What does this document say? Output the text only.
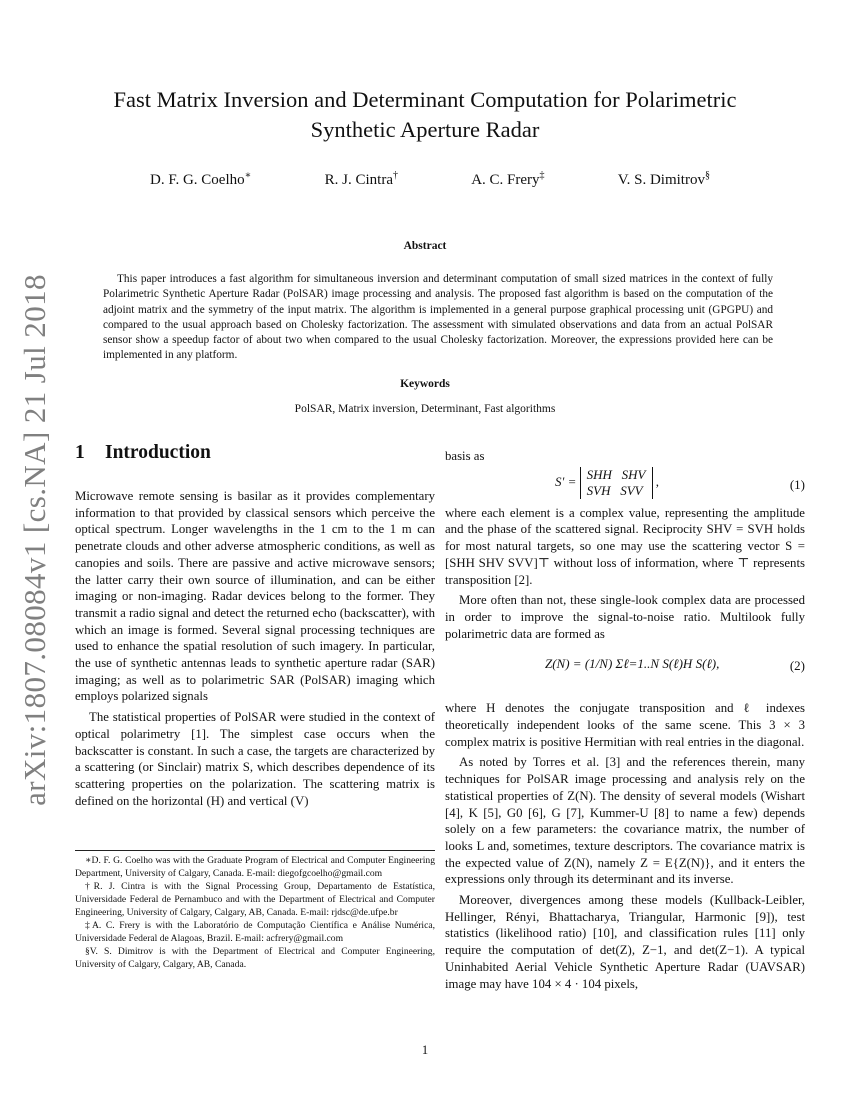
arXiv:1807.08084v1 [cs.NA] 21 Jul 2018
Fast Matrix Inversion and Determinant Computation for Polarimetric
Synthetic Aperture Radar
D. F. G. Coelho∗	R. J. Cintra†	A. C. Frery‡	V. S. Dimitrov§
Abstract

This paper introduces a fast algorithm for simultaneous inversion and determinant computation of small sized matrices in the context of fully Polarimetric Synthetic Aperture Radar (PolSAR) image processing and analysis. The proposed fast algorithm is based on the computation of the adjoint matrix and the symmetry of the input matrix. The algorithm is implemented in a general purpose graphical processing unit (GPGPU) and compared to the usual approach based on Cholesky factorization. The assessment with simulated observations and data from an actual PolSAR sensor show a speedup factor of about two when compared to the usual Cholesky factorization. Moreover, the expressions provided here can be implemented in any platform.

Keywords
PolSAR, Matrix inversion, Determinant, Fast algorithms
1 Introduction

Microwave remote sensing is basilar as it provides complementary information to that provided by classical sensors which perceive the optical spectrum. Longer wavelengths in the 1 cm to the 1 m can penetrate clouds and other adverse atmospheric conditions, as well as canopies and soils. There are passive and active microwave sensors; the latter carry their own source of illumination, and can be either imaging or non-imaging. Radar devices belong to the former. They transmit a radio signal and detect the returned echo (backscatter), with which an image is formed. Several signal processing techniques are used to enhance the spatial resolution of such imagery. In particular, the use of synthetic antennas leads to synthetic aperture radar (SAR) imaging; as well as to polarimetric SAR (PolSAR) imaging which employs polarized signals

The statistical properties of PolSAR were studied in the context of optical polarimetry [1]. The simplest case occurs when the backscatter is constant. In such a case, the targets are characterized by a scattering (or Sinclair) matrix S, which describes dependence of its scattering properties on the polarization. The scattering matrix is defined on the horizontal (H) and vertical (V)

∗D. F. G. Coelho was with the Graduate Program of Electrical and Computer Engineering Department, University of Calgary, Canada. E-mail: diegofgcoelho@gmail.com

†R. J. Cintra is with the Signal Processing Group, Departamento de Estatística, Universidade Federal de Pernambuco and with the Department of Electrical and Computer Engineering, University of Calgary, Calgary, AB, Canada. E-mail: rjdsc@de.ufpe.br

‡A. C. Frery is with the Laboratório de Computação Científica e Análise Numérica, Universidade Federal de Alagoas, Brazil. E-mail: acfrery@gmail.com

§V. S. Dimitrov is with the Department of Electrical and Computer Engineering, University of Calgary, Calgary, AB, Canada.

basis as

S′ = SHH SHV
SVH SVV ,	(1)

where each element is a complex value, representing the amplitude and the phase of the scattered signal. Reciprocity SHV = SVH holds for most natural targets, so one may use the scattering vector S = [SHH SHV SVV]⊤ without loss of information, where ⊤ represents transposition [2].

More often than not, these single-look complex data are processed in order to improve the signal-to-noise ratio. Multilook fully polarimetric data are formed as

Z(N) = (1/N) Σℓ=1..N S(ℓ)H S(ℓ),	(2)

where H denotes the conjugate transposition and ℓ indexes theoretically independent looks of the same scene. This 3 × 3 complex matrix is positive Hermitian with real entries in the diagonal.

As noted by Torres et al. [3] and the references therein, many techniques for PolSAR image processing and analysis rely on the statistical properties of Z(N). The density of several models (Wishart [4], K [5], G0 [6], G [7], Kummer-U [8] to name a few) depends solely on a few parameters: the covariance matrix, the number of looks L and, sometimes, texture descriptors. The covariance matrix is the expected value of Z(N), namely Z = E{Z(N)}, and it enters the expressions only through its determinant and its inverse.

Moreover, divergences among these models (Kullback-Leibler, Hellinger, Rényi, Bhattacharya, Triangular, Harmonic [9]), test statistics (likelihood ratio) [10], and classification rules [11] only require the computation of det(Z), Z−1, and det(Z−1). A typical Uninhabited Aerial Vehicle Synthetic Aperture Radar (UAVSAR) image may have 104 × 4 · 104 pixels,

1
